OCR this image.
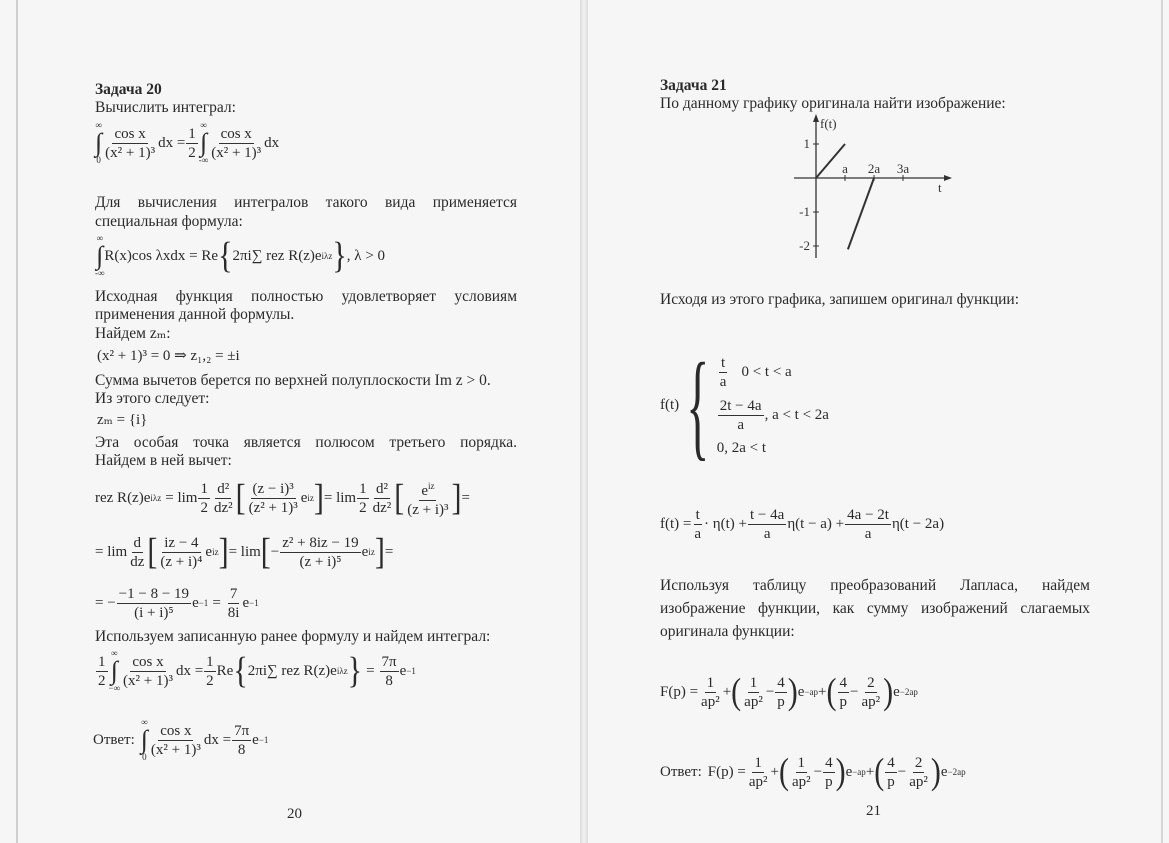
Задача 20
Вычислить интеграл:
∞
∫
$0 \frac{\text{cos x}}{\text{(x² + 1)³}}$ dx = $\frac{1}{2}$ ∞
∫
-∞ $\frac{\text{cos x}}{\text{(x² + 1)³}}$ dx
Для вычисления интегралов такого вида применяется
специальная формула:
∞
∫
-∞
R(x)cos λxdx = Re { 2πi∑ rez R(z)e iλz } , λ > 0
Исходная функция полностью удовлетворяет условиям
применения данной формулы.
Найдем zₘ:
(x² + 1)³ = 0 ⇒ z₁,₂ = ±i
Сумма вычетов берется по верхней полуплоскости Im z > 0.
Из этого следует:
zₘ = {i}
Эта особая точка является полюсом третьего порядка.
Найдем в ней вычет:
rez R(z)e $i\lambda z = \lim \frac{1}{2} \frac{\text{d²}}{\text{dz²}}$ [ $\frac{\text{(z − i)³}}{\text{(z² + 1)³}}$ e iz ] = $\lim \frac{1}{2} \frac{\text{d²}}{\text{dz²}}$ [ $\frac{e^{iz}}{\text{(z + i)³}}$ ] =
= $\lim \frac{d}{dz}$ [ $\frac{iz - 4}{\text{(z + i)⁴}}$ e iz ] = lim [ − $\frac{\text{z² + 8iz − 19}}{\text{(z + i)⁵}}$ e iz ] =
= − $\frac{-1 - 8 - 19}{\text{(i + i)⁵}}$ $e -1 = \frac{7}{8i}$ e −1
Используем записанную ранее формулу и найдем интеграл:
$\frac{1}{2}$ ∞
∫
−∞ $\frac{\text{cos x}}{\text{(x² + 1)³}}$ dx = $\frac{1}{2}$ Re { 2πi∑ rez R(z)e iλz } = $\frac{7\pi}{8}$ e −1
Ответ:
∞
∫
$0 \frac{\text{cos x}}{\text{(x² + 1)³}}$ dx = $\frac{7\pi}{8}$ e −1
20
Задача 21
По данному графику оригинала найти изображение:
1
-1
-2
a 2a 3a
f(t)
t
Исходя из этого графика, запишем оригинал функции:
f(t) { $\frac{t}{a} 0 < t < a$
$\frac{2t - 4a}{a}$ , a < t < 2a
0, 2a < t
$f(t) = \frac{t}{a} \cdot \eta(t) + \frac{t - 4a}{a} \eta(t - a) + \frac{4a - 2t}{a} \eta(t - 2a)$
Используя таблицу преобразований Лапласа, найдем
изображение функции, как сумму изображений слагаемых
оригинала функции:
$F(p) = \frac{1}{\text{ap²}}$ + ( $\frac{1}{\text{ap²}} - \frac{4}{p}$ ) e −ap + ( $\frac{4}{p} - \frac{2}{\text{ap²}}$ ) e −2ap
Ответ: $F(p) = \frac{1}{\text{ap²}}$ + ( $\frac{1}{\text{ap²}} - \frac{4}{p}$ ) e −ap + ( $\frac{4}{p} - \frac{2}{\text{ap²}}$ ) e −2ap
21
